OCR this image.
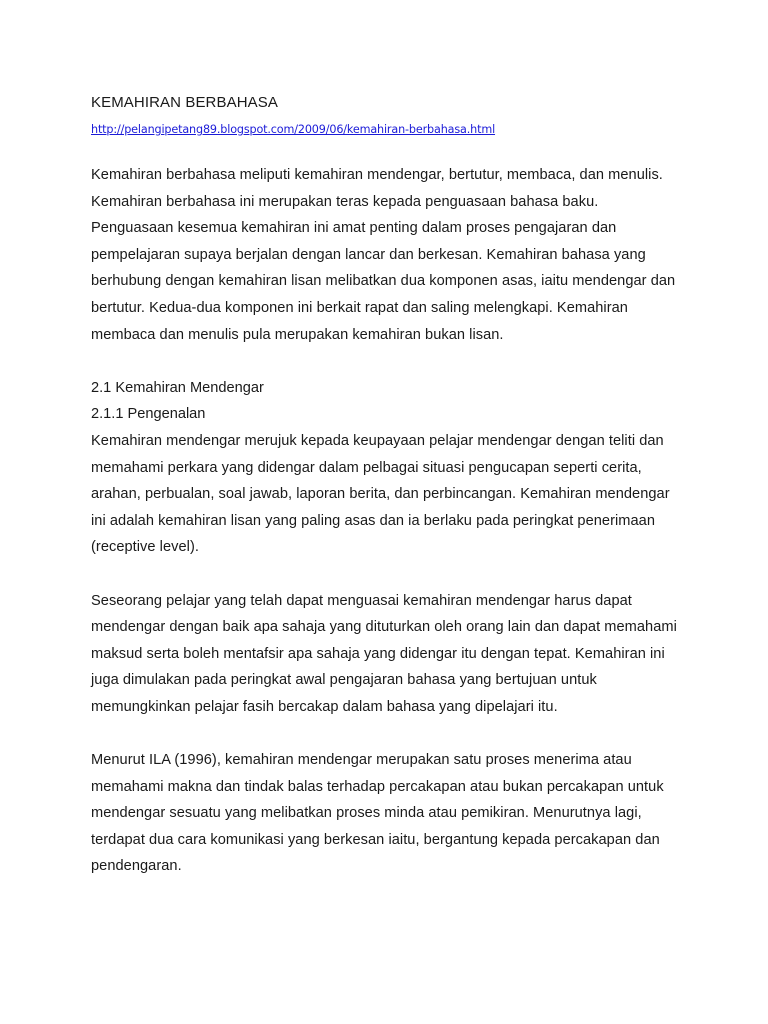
KEMAHIRAN BERBAHASA
http://pelangipetang89.blogspot.com/2009/06/kemahiran-berbahasa.html

Kemahiran berbahasa meliputi kemahiran mendengar, bertutur, membaca, dan menulis. Kemahiran berbahasa ini merupakan teras kepada penguasaan bahasa baku. Penguasaan kesemua kemahiran ini amat penting dalam proses pengajaran dan pempelajaran supaya berjalan dengan lancar dan berkesan. Kemahiran bahasa yang berhubung dengan kemahiran lisan melibatkan dua komponen asas, iaitu mendengar dan bertutur. Kedua-dua komponen ini berkait rapat dan saling melengkapi. Kemahiran membaca dan menulis pula merupakan kemahiran bukan lisan.

2.1 Kemahiran Mendengar
2.1.1 Pengenalan

Kemahiran mendengar merujuk kepada keupayaan pelajar mendengar dengan teliti dan memahami perkara yang didengar dalam pelbagai situasi pengucapan seperti cerita, arahan, perbualan, soal jawab, laporan berita, dan perbincangan. Kemahiran mendengar ini adalah kemahiran lisan yang paling asas dan ia berlaku pada peringkat penerimaan (receptive level).

Seseorang pelajar yang telah dapat menguasai kemahiran mendengar harus dapat mendengar dengan baik apa sahaja yang dituturkan oleh orang lain dan dapat memahami maksud serta boleh mentafsir apa sahaja yang didengar itu dengan tepat. Kemahiran ini juga dimulakan pada peringkat awal pengajaran bahasa yang bertujuan untuk memungkinkan pelajar fasih bercakap dalam bahasa yang dipelajari itu.

Menurut ILA (1996), kemahiran mendengar merupakan satu proses menerima atau memahami makna dan tindak balas terhadap percakapan atau bukan percakapan untuk mendengar sesuatu yang melibatkan proses minda atau pemikiran. Menurutnya lagi, terdapat dua cara komunikasi yang berkesan iaitu, bergantung kepada percakapan dan pendengaran.
